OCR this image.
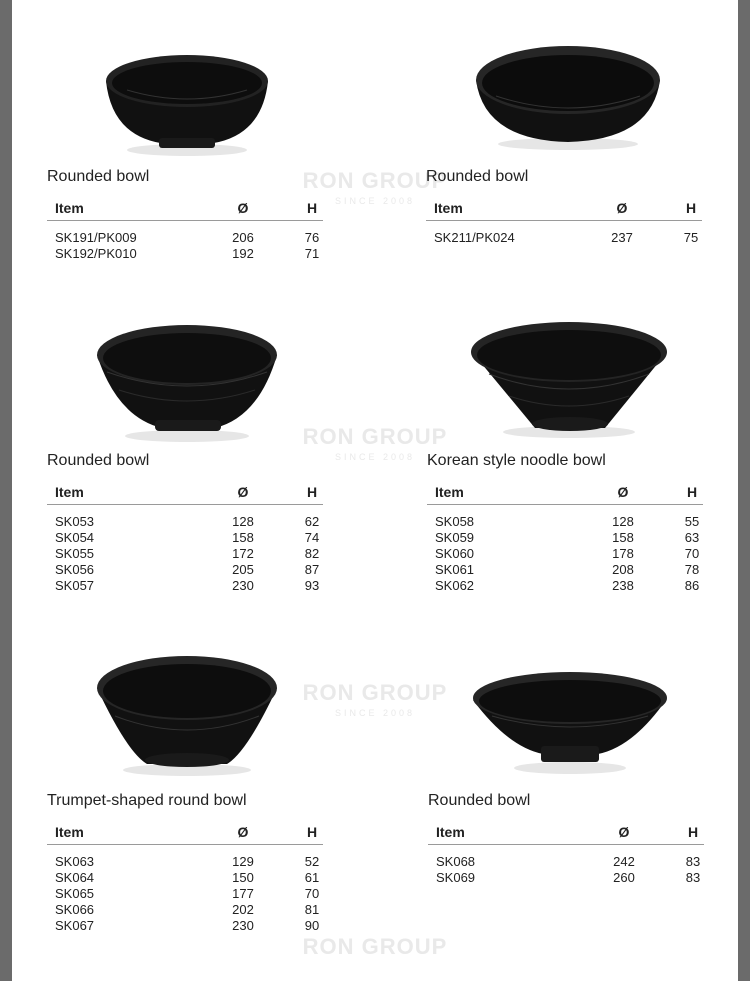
RON GROUP
SINCE 2008
RON GROUP
SINCE 2008
RON GROUP
SINCE 2008
RON GROUP

Rounded bowl

Item	Ø	H
SK191/PK009	206	76
SK192/PK010	192	71

Rounded bowl

Item	Ø	H
SK211/PK024	237	75

Rounded bowl

Item	Ø	H
SK053	128	62
SK054	158	74
SK055	172	82
SK056	205	87
SK057	230	93

Korean style noodle bowl

Item	Ø	H
SK058	128	55
SK059	158	63
SK060	178	70
SK061	208	78
SK062	238	86

Trumpet-shaped round bowl

Item	Ø	H
SK063	129	52
SK064	150	61
SK065	177	70
SK066	202	81
SK067	230	90

Rounded bowl

Item	Ø	H
SK068	242	83
SK069	260	83
